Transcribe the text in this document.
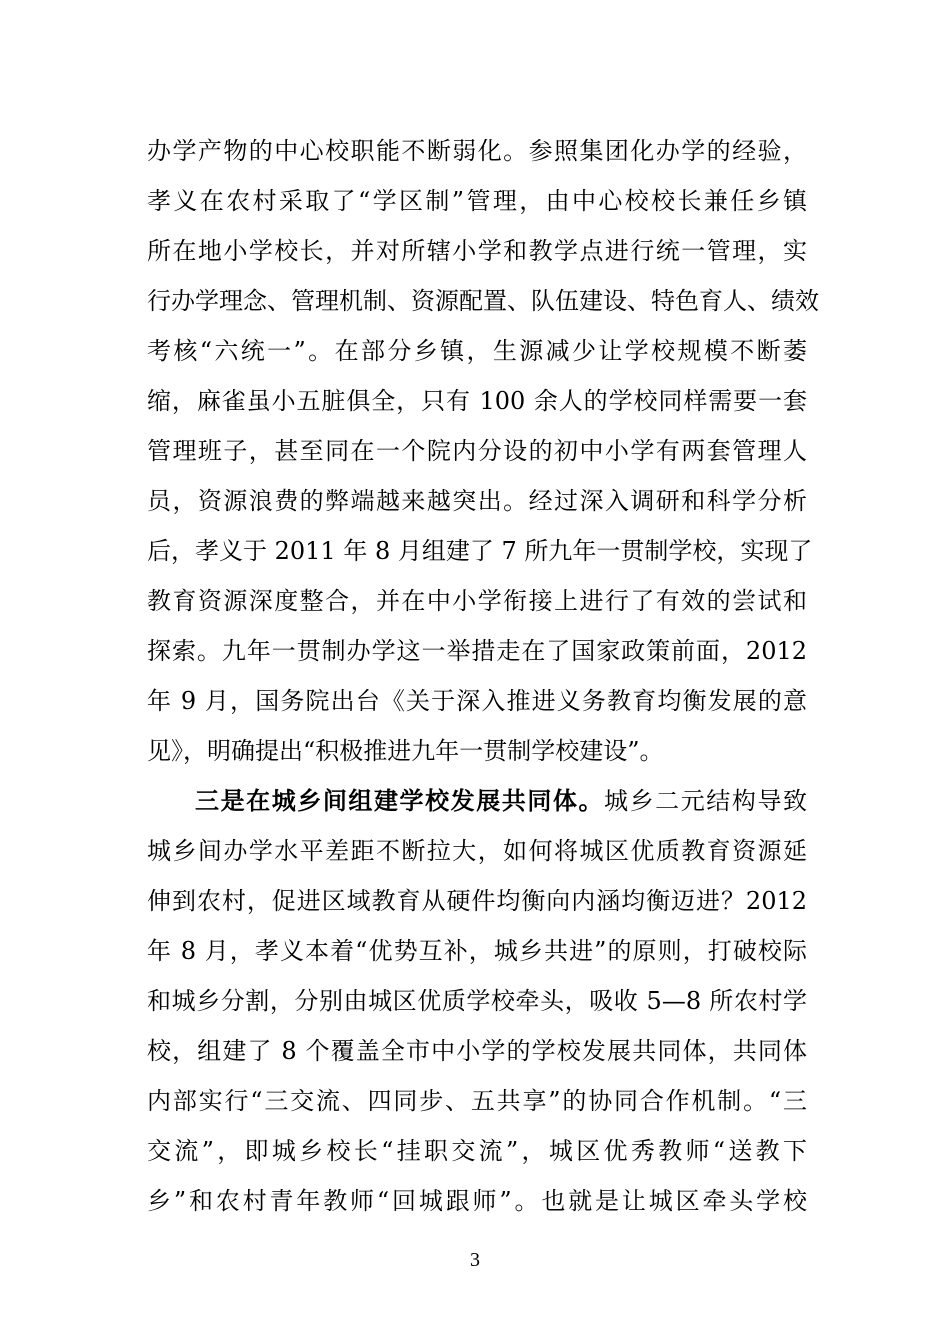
办学产物的中心校职能不断弱化。参照集团化办学的经验，
孝义在农村采取了“学区制”管理，由中心校校长兼任乡镇
所在地小学校长，并对所辖小学和教学点进行统一管理，实
行办学理念、管理机制、资源配置、队伍建设、特色育人、绩效
考核“六统一”。在部分乡镇，生源减少让学校规模不断萎
缩，麻雀虽小五脏俱全，只有 100 余人的学校同样需要一套
管理班子，甚至同在一个院内分设的初中小学有两套管理人
员，资源浪费的弊端越来越突出。经过深入调研和科学分析
后，孝义于 2011 年 8 月组建了 7 所九年一贯制学校，实现了
教育资源深度整合，并在中小学衔接上进行了有效的尝试和
探索。九年一贯制办学这一举措走在了国家政策前面，2012
年 9 月，国务院出台《关于深入推进义务教育均衡发展的意
见》，明确提出“积极推进九年一贯制学校建设”。
三是在城乡间组建学校发展共同体。城乡二元结构导致
城乡间办学水平差距不断拉大，如何将城区优质教育资源延
伸到农村，促进区域教育从硬件均衡向内涵均衡迈进？2012
年 8 月，孝义本着“优势互补，城乡共进”的原则，打破校际
和城乡分割，分别由城区优质学校牵头，吸收 5—8 所农村学
校，组建了 8 个覆盖全市中小学的学校发展共同体，共同体
内部实行“三交流、四同步、五共享”的协同合作机制。“三
交流”，即城乡校长“挂职交流”，城区优秀教师“送教下
乡”和农村青年教师“回城跟师”。也就是让城区牵头学校
3
